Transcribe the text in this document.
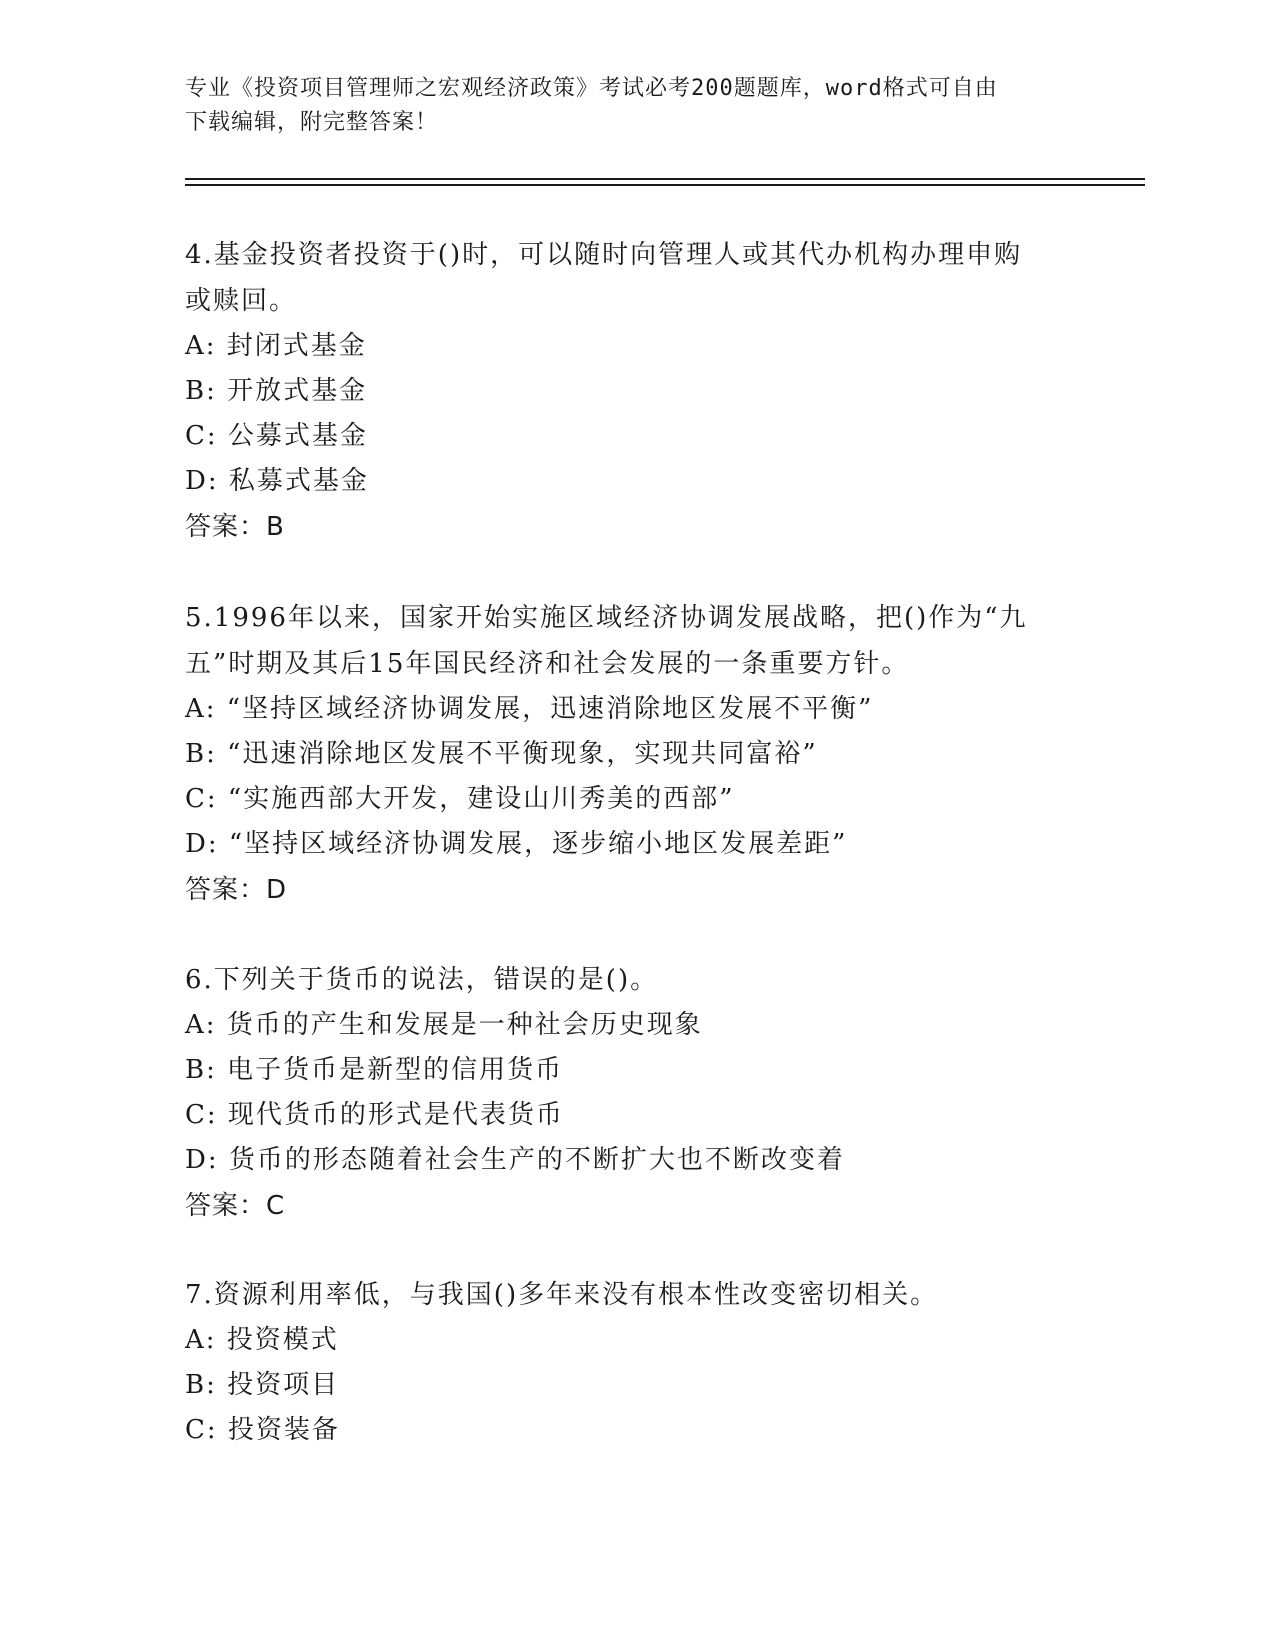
专业《投资项目管理师之宏观经济政策》考试必考200题题库，word格式可自由
下载编辑，附完整答案！

4.基金投资者投资于()时，可以随时向管理人或其代办机构办理申购

或赎回。

A: 封闭式基金

B: 开放式基金

C: 公募式基金

D: 私募式基金

答案：B

5.1996年以来，国家开始实施区域经济协调发展战略，把()作为“九

五”时期及其后15年国民经济和社会发展的一条重要方针。

A: “坚持区域经济协调发展，迅速消除地区发展不平衡”

B: “迅速消除地区发展不平衡现象，实现共同富裕”

C: “实施西部大开发，建设山川秀美的西部”

D: “坚持区域经济协调发展，逐步缩小地区发展差距”

答案：D

6.下列关于货币的说法，错误的是()。

A: 货币的产生和发展是一种社会历史现象

B: 电子货币是新型的信用货币

C: 现代货币的形式是代表货币

D: 货币的形态随着社会生产的不断扩大也不断改变着

答案：C

7.资源利用率低，与我国()多年来没有根本性改变密切相关。

A: 投资模式

B: 投资项目

C: 投资装备
